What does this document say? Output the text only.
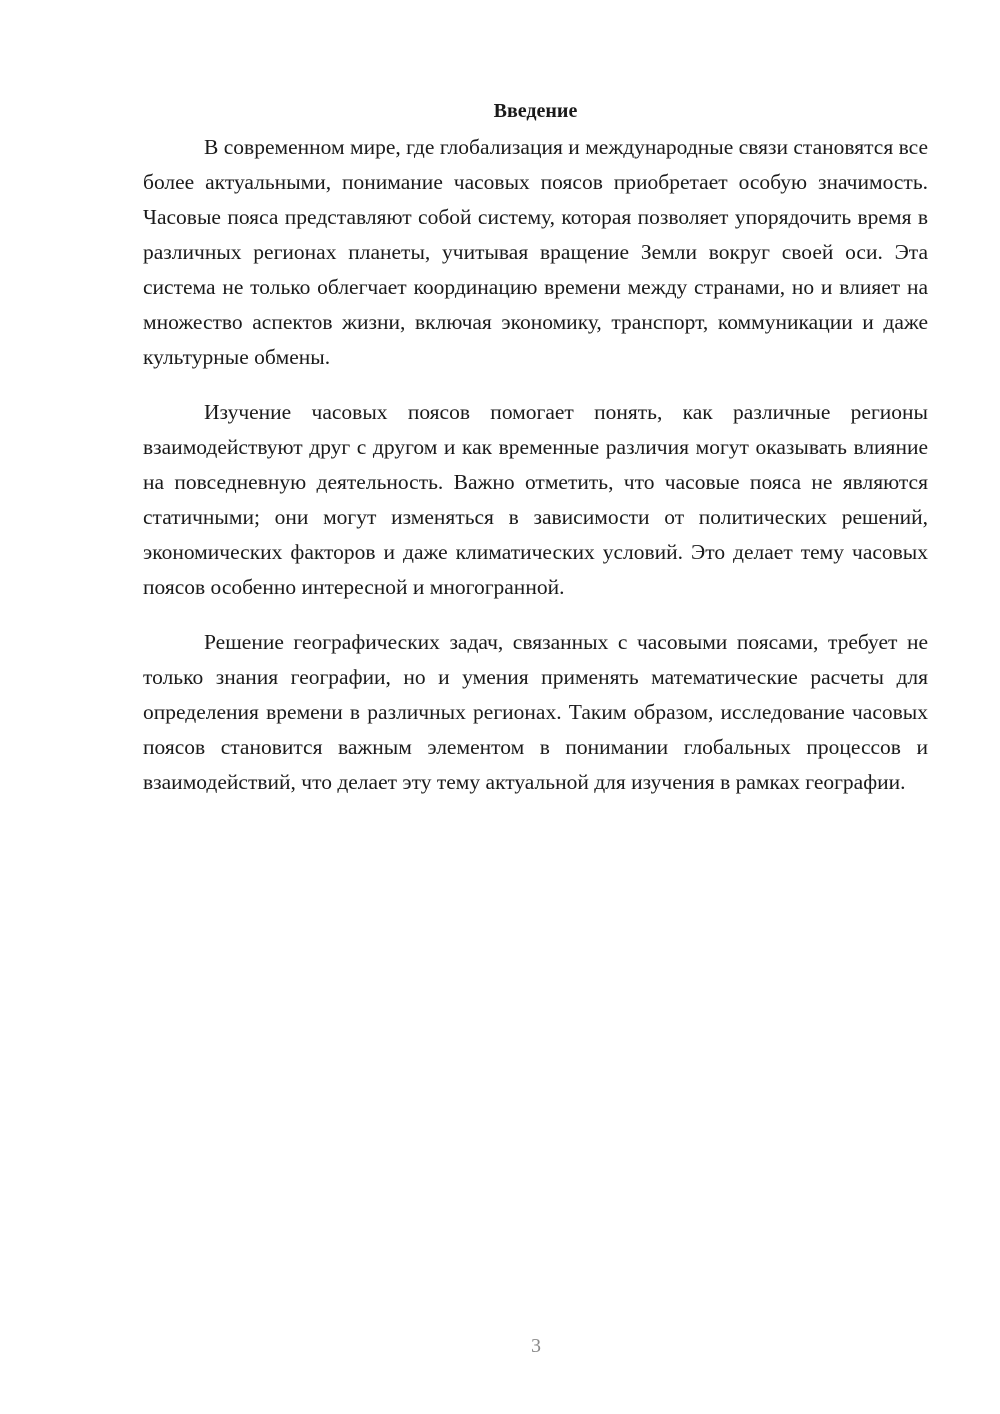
Введение

В современном мире, где глобализация и международные связи становятся все более актуальными, понимание часовых поясов приобретает особую значимость. Часовые пояса представляют собой систему, которая позволяет упорядочить время в различных регионах планеты, учитывая вращение Земли вокруг своей оси. Эта система не только облегчает координацию времени между странами, но и влияет на множество аспектов жизни, включая экономику, транспорт, коммуникации и даже культурные обмены.

Изучение часовых поясов помогает понять, как различные регионы взаимодействуют друг с другом и как временные различия могут оказывать влияние на повседневную деятельность. Важно отметить, что часовые пояса не являются статичными; они могут изменяться в зависимости от политических решений, экономических факторов и даже климатических условий. Это делает тему часовых поясов особенно интересной и многогранной.

Решение географических задач, связанных с часовыми поясами, требует не только знания географии, но и умения применять математические расчеты для определения времени в различных регионах. Таким образом, исследование часовых поясов становится важным элементом в понимании глобальных процессов и взаимодействий, что делает эту тему актуальной для изучения в рамках географии.

3
